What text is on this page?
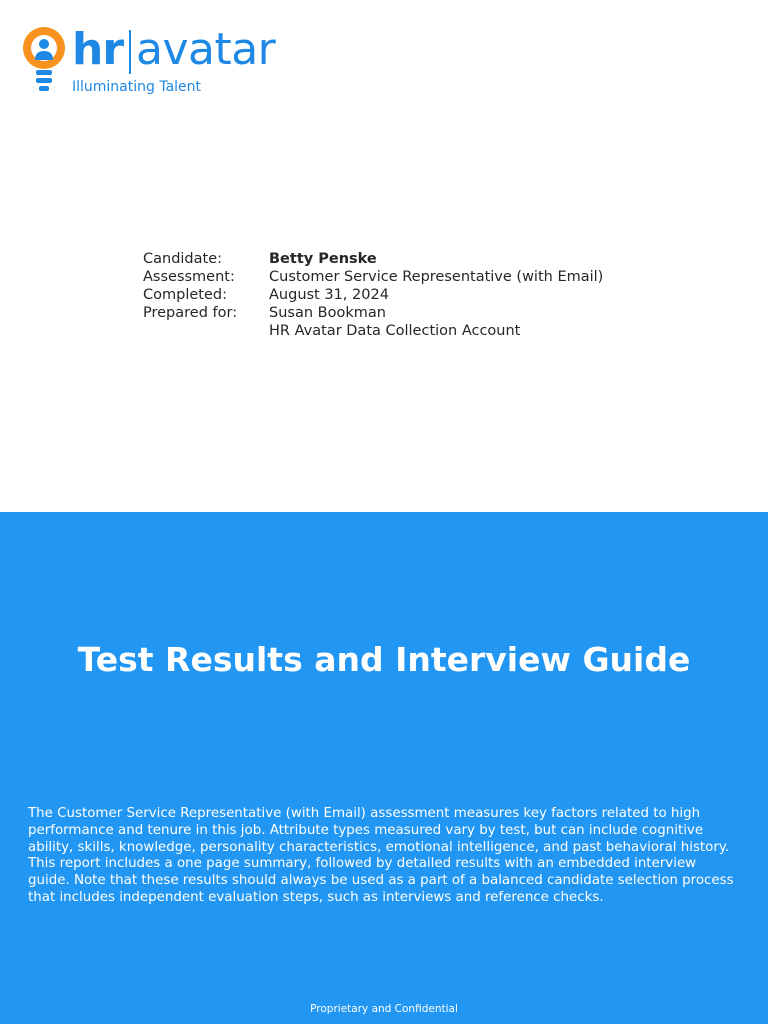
hr avatar
Illuminating Talent
Candidate:	Betty Penske
Assessment:	Customer Service Representative (with Email)
Completed:	August 31, 2024
Prepared for:	Susan Bookman
HR Avatar Data Collection Account
Test Results and Interview Guide
The Customer Service Representative (with Email) assessment measures key factors related to high performance and tenure in this job. Attribute types measured vary by test, but can include cognitive ability, skills, knowledge, personality characteristics, emotional intelligence, and past behavioral history. This report includes a one page summary, followed by detailed results with an embedded interview guide. Note that these results should always be used as a part of a balanced candidate selection process that includes independent evaluation steps, such as interviews and reference checks.
Proprietary and Confidential
